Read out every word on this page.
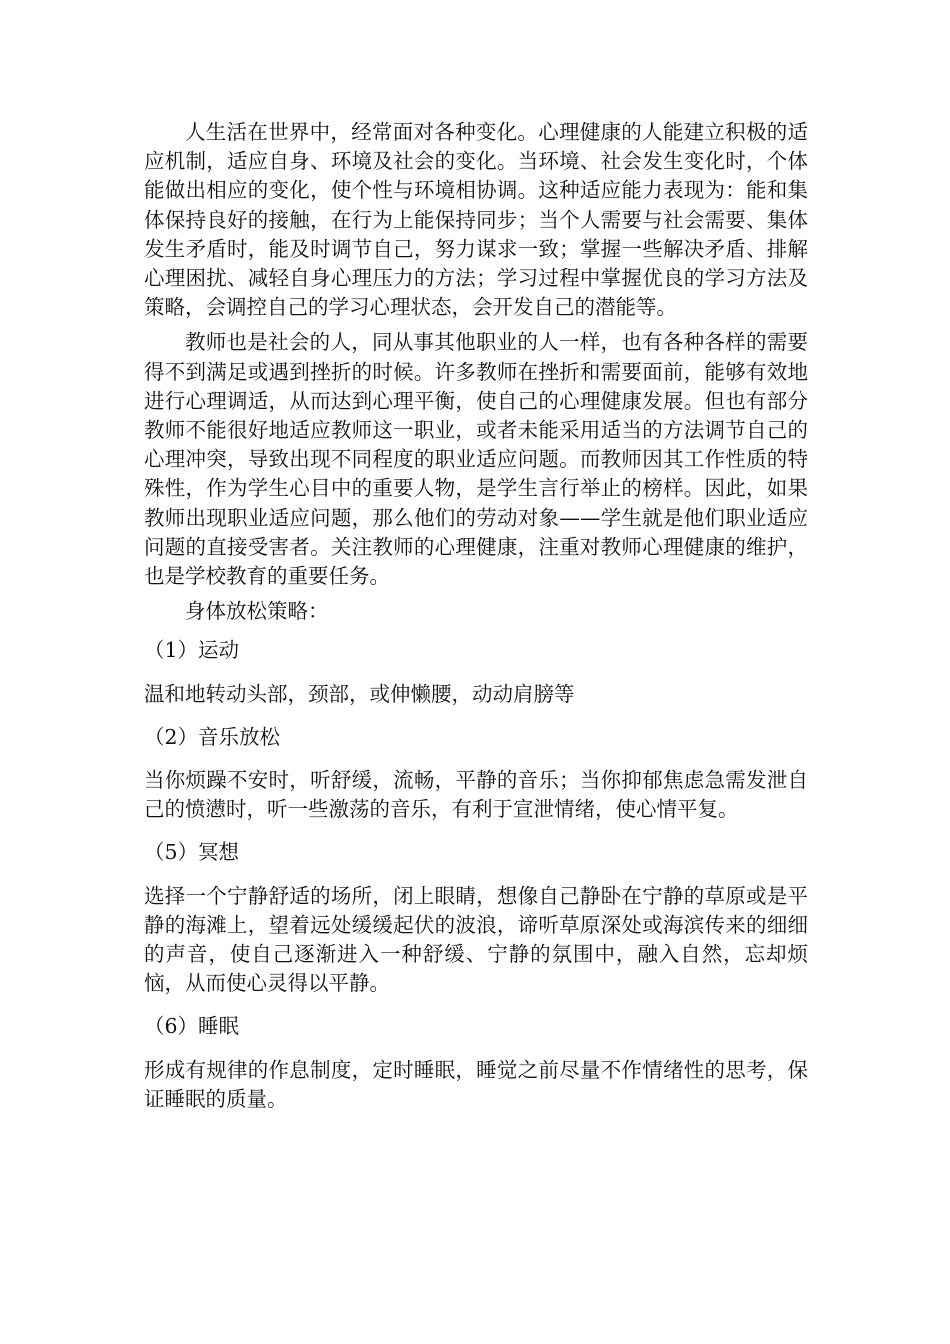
人生活在世界中，经常面对各种变化。心理健康的人能建立积极的适应机制，适应自身、环境及社会的变化。当环境、社会发生变化时，个体能做出相应的变化，使个性与环境相协调。这种适应能力表现为：能和集体保持良好的接触，在行为上能保持同步；当个人需要与社会需要、集体发生矛盾时，能及时调节自己，努力谋求一致；掌握一些解决矛盾、排解心理困扰、减轻自身心理压力的方法；学习过程中掌握优良的学习方法及策略，会调控自己的学习心理状态，会开发自己的潜能等。

教师也是社会的人，同从事其他职业的人一样，也有各种各样的需要得不到满足或遇到挫折的时候。许多教师在挫折和需要面前，能够有效地进行心理调适，从而达到心理平衡，使自己的心理健康发展。但也有部分教师不能很好地适应教师这一职业，或者未能采用适当的方法调节自己的心理冲突，导致出现不同程度的职业适应问题。而教师因其工作性质的特殊性，作为学生心目中的重要人物，是学生言行举止的榜样。因此，如果教师出现职业适应问题，那么他们的劳动对象——学生就是他们职业适应问题的直接受害者。关注教师的心理健康，注重对教师心理健康的维护，也是学校教育的重要任务。

身体放松策略：

（1）运动

温和地转动头部，颈部，或伸懒腰，动动肩膀等

（2）音乐放松

当你烦躁不安时，听舒缓，流畅，平静的音乐；当你抑郁焦虑急需发泄自己的愤懑时，听一些激荡的音乐，有利于宣泄情绪，使心情平复。

（5）冥想

选择一个宁静舒适的场所，闭上眼睛，想像自己静卧在宁静的草原或是平静的海滩上，望着远处缓缓起伏的波浪，谛听草原深处或海滨传来的细细的声音，使自己逐渐进入一种舒缓、宁静的氛围中，融入自然，忘却烦恼，从而使心灵得以平静。

（6）睡眠

形成有规律的作息制度，定时睡眠，睡觉之前尽量不作情绪性的思考，保证睡眠的质量。
